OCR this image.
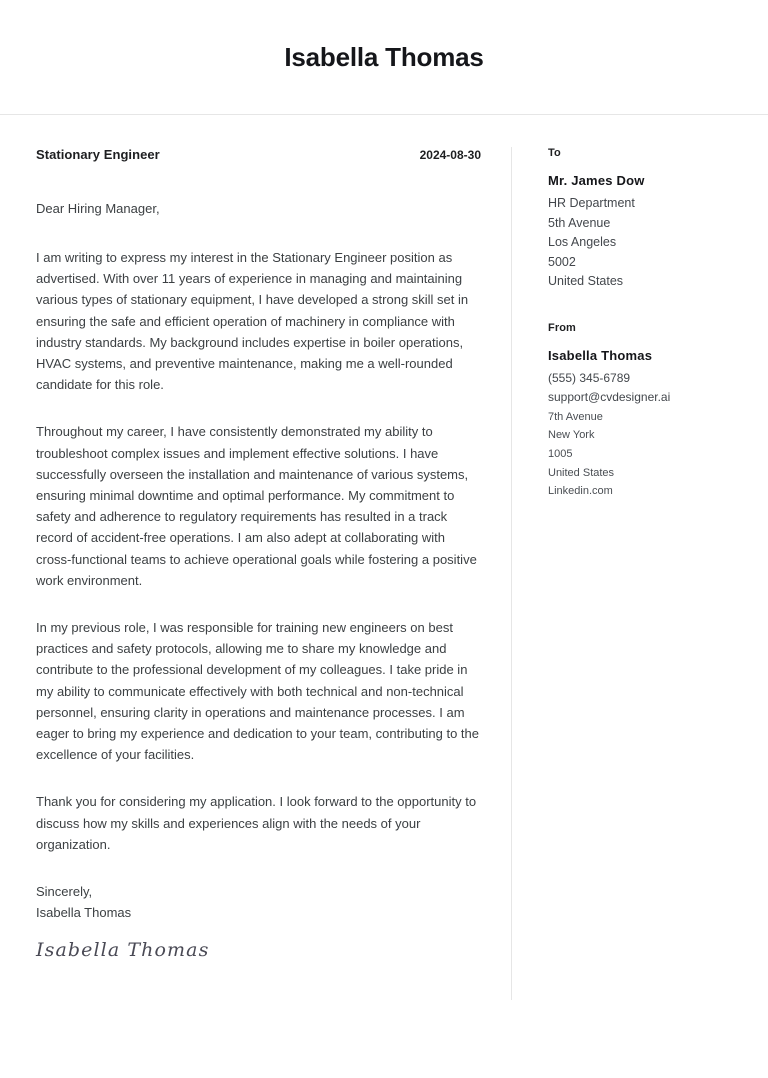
Isabella Thomas
Stationary Engineer	2024-08-30

Dear Hiring Manager,

I am writing to express my interest in the Stationary Engineer position as advertised. With over 11 years of experience in managing and maintaining various types of stationary equipment, I have developed a strong skill set in ensuring the safe and efficient operation of machinery in compliance with industry standards. My background includes expertise in boiler operations, HVAC systems, and preventive maintenance, making me a well-rounded candidate for this role.

Throughout my career, I have consistently demonstrated my ability to troubleshoot complex issues and implement effective solutions. I have successfully overseen the installation and maintenance of various systems, ensuring minimal downtime and optimal performance. My commitment to safety and adherence to regulatory requirements has resulted in a track record of accident-free operations. I am also adept at collaborating with cross-functional teams to achieve operational goals while fostering a positive work environment.

In my previous role, I was responsible for training new engineers on best practices and safety protocols, allowing me to share my knowledge and contribute to the professional development of my colleagues. I take pride in my ability to communicate effectively with both technical and non-technical personnel, ensuring clarity in operations and maintenance processes. I am eager to bring my experience and dedication to your team, contributing to the excellence of your facilities.

Thank you for considering my application. I look forward to the opportunity to discuss how my skills and experiences align with the needs of your organization.

Sincerely,
Isabella Thomas
Isabella Thomas
To
Mr. James Dow
HR Department
5th Avenue
Los Angeles
5002
United States
From
Isabella Thomas
(555) 345-6789
support@cvdesigner.ai
7th Avenue
New York
1005
United States
Linkedin.com
